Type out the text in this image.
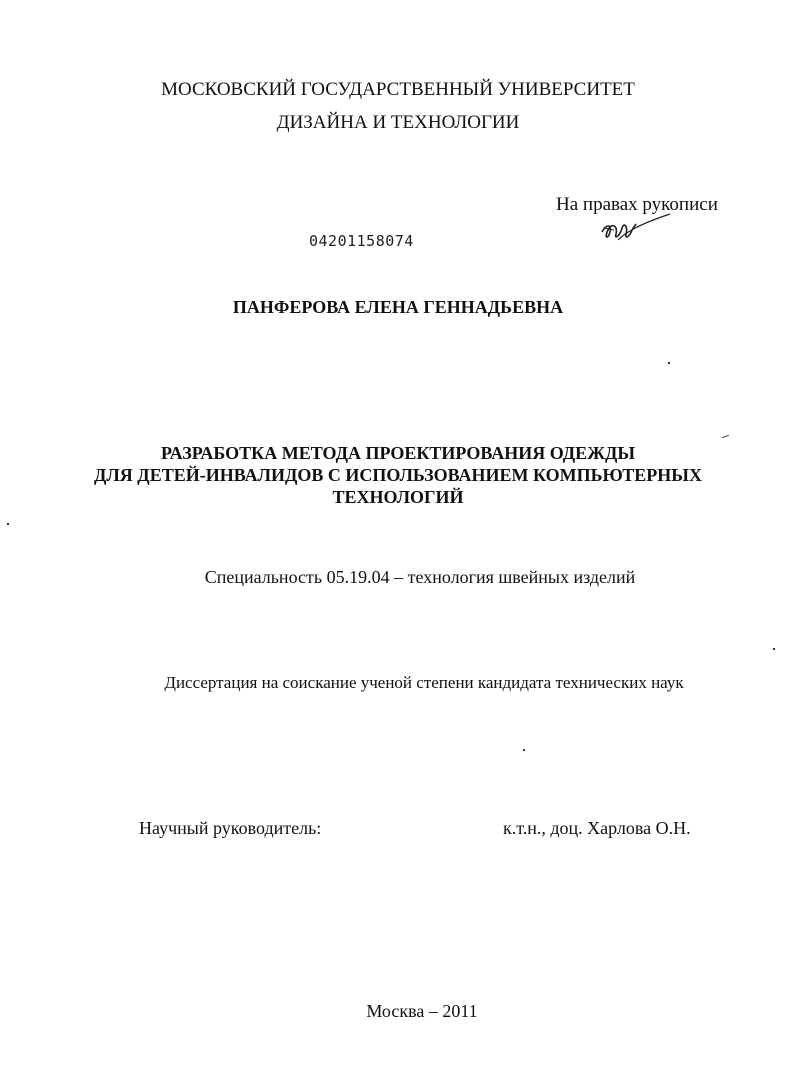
МОСКОВСКИЙ ГОСУДАРСТВЕННЫЙ УНИВЕРСИТЕТ
ДИЗАЙНА И ТЕХНОЛОГИИ
На правах рукописи
04201158074
ПАНФЕРОВА ЕЛЕНА ГЕННАДЬЕВНА
РАЗРАБОТКА МЕТОДА ПРОЕКТИРОВАНИЯ ОДЕЖДЫ
ДЛЯ ДЕТЕЙ-ИНВАЛИДОВ С ИСПОЛЬЗОВАНИЕМ КОМПЬЮТЕРНЫХ
ТЕХНОЛОГИЙ
Специальность 05.19.04 – технология швейных изделий
Диссертация на соискание ученой степени кандидата технических наук
Научный руководитель:	к.т.н., доц. Харлова О.Н.
Москва – 2011
